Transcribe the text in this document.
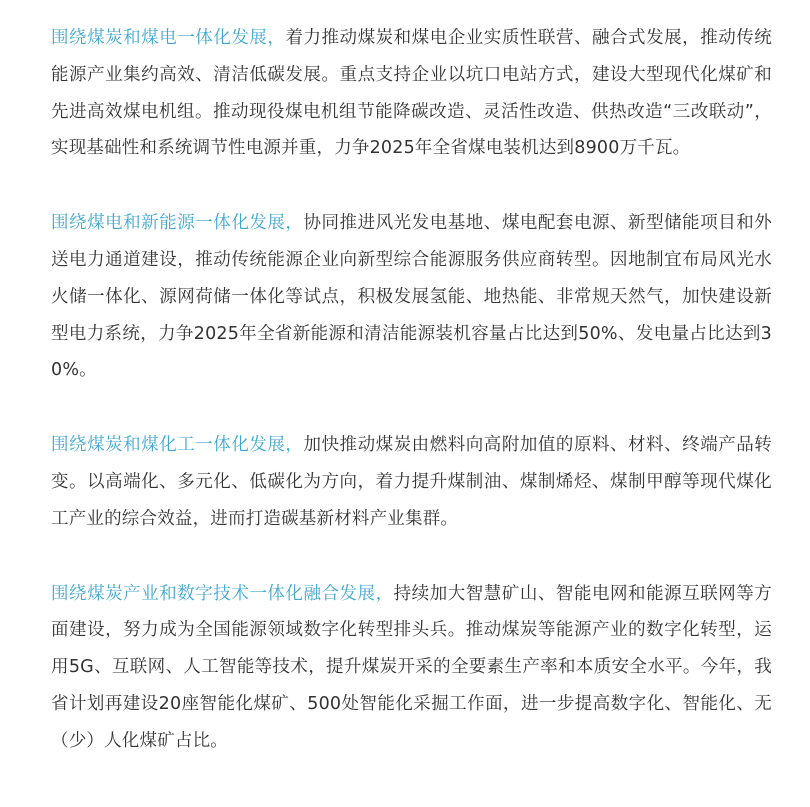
围绕煤炭和煤电一体化发展，着力推动煤炭和煤电企业实质性联营、融合式发展，推动传统能源产业集约高效、清洁低碳发展。重点支持企业以坑口电站方式，建设大型现代化煤矿和先进高效煤电机组。推动现役煤电机组节能降碳改造、灵活性改造、供热改造“三改联动”，实现基础性和系统调节性电源并重，力争2025年全省煤电装机达到8900万千瓦。

围绕煤电和新能源一体化发展，协同推进风光发电基地、煤电配套电源、新型储能项目和外送电力通道建设，推动传统能源企业向新型综合能源服务供应商转型。因地制宜布局风光水火储一体化、源网荷储一体化等试点，积极发展氢能、地热能、非常规天然气，加快建设新型电力系统，力争2025年全省新能源和清洁能源装机容量占比达到50%、发电量占比达到30%。

围绕煤炭和煤化工一体化发展，加快推动煤炭由燃料向高附加值的原料、材料、终端产品转变。以高端化、多元化、低碳化为方向，着力提升煤制油、煤制烯烃、煤制甲醇等现代煤化工产业的综合效益，进而打造碳基新材料产业集群。

围绕煤炭产业和数字技术一体化融合发展，持续加大智慧矿山、智能电网和能源互联网等方面建设，努力成为全国能源领域数字化转型排头兵。推动煤炭等能源产业的数字化转型，运用5G、互联网、人工智能等技术，提升煤炭开采的全要素生产率和本质安全水平。今年，我省计划再建设20座智能化煤矿、500处智能化采掘工作面，进一步提高数字化、智能化、无（少）人化煤矿占比。
